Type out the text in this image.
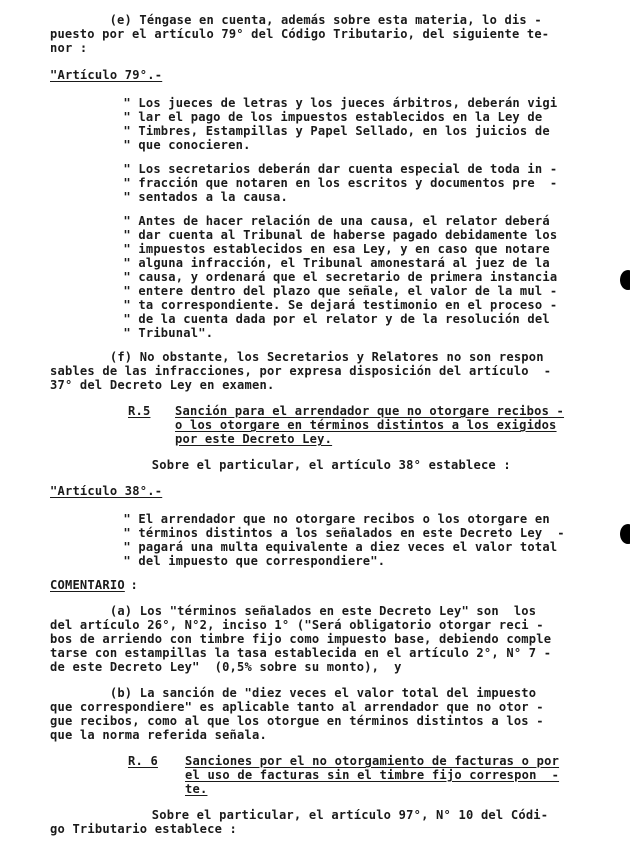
(e) Téngase en cuenta, además sobre esta materia, lo dis -
puesto por el artículo 79° del Código Tributario, del siguiente te-
nor :
"Artículo 79°.-
" Los jueces de letras y los jueces árbitros, deberán vigi
" lar el pago de los impuestos establecidos en la Ley de
" Timbres, Estampillas y Papel Sellado, en los juicios de
" que conocieren.
" Los secretarios deberán dar cuenta especial de toda in -
" fracción que notaren en los escritos y documentos pre  -
" sentados a la causa.
" Antes de hacer relación de una causa, el relator deberá
" dar cuenta al Tribunal de haberse pagado debidamente los
" impuestos establecidos en esa Ley, y en caso que notare
" alguna infracción, el Tribunal amonestará al juez de la
" causa, y ordenará que el secretario de primera instancia
" entere dentro del plazo que señale, el valor de la mul -
" ta correspondiente. Se dejará testimonio en el proceso -
" de la cuenta dada por el relator y de la resolución del
" Tribunal".
(f) No obstante, los Secretarios y Relatores no son respon
sables de las infracciones, por expresa disposición del artículo  -
37° del Decreto Ley en examen.
R.5 Sanción para el arrendador que no otorgare recibos -
o los otorgare en términos distintos a los exigidos
por este Decreto Ley.
Sobre el particular, el artículo 38° establece :
"Artículo 38°.-
" El arrendador que no otorgare recibos o los otorgare en
" términos distintos a los señalados en este Decreto Ley  -
" pagará una multa equivalente a diez veces el valor total
" del impuesto que correspondiere".
COMENTARIO
:
(a) Los "términos señalados en este Decreto Ley" son  los
del artículo 26°, N°2, inciso 1° ("Será obligatorio otorgar reci -
bos de arriendo con timbre fijo como impuesto base, debiendo comple
tarse con estampillas la tasa establecida en el artículo 2°, N° 7 -
de este Decreto Ley"  (0,5% sobre su monto),  y
(b) La sanción de "diez veces el valor total del impuesto
que correspondiere" es aplicable tanto al arrendador que no otor -
gue recibos, como al que los otorgue en términos distintos a los -
que la norma referida señala.
R. 6 Sanciones por el no otorgamiento de facturas o por
el uso de facturas sin el timbre fijo correspon  -
te.
Sobre el particular, el artículo 97°, N° 10 del Códi-
go Tributario establece :
